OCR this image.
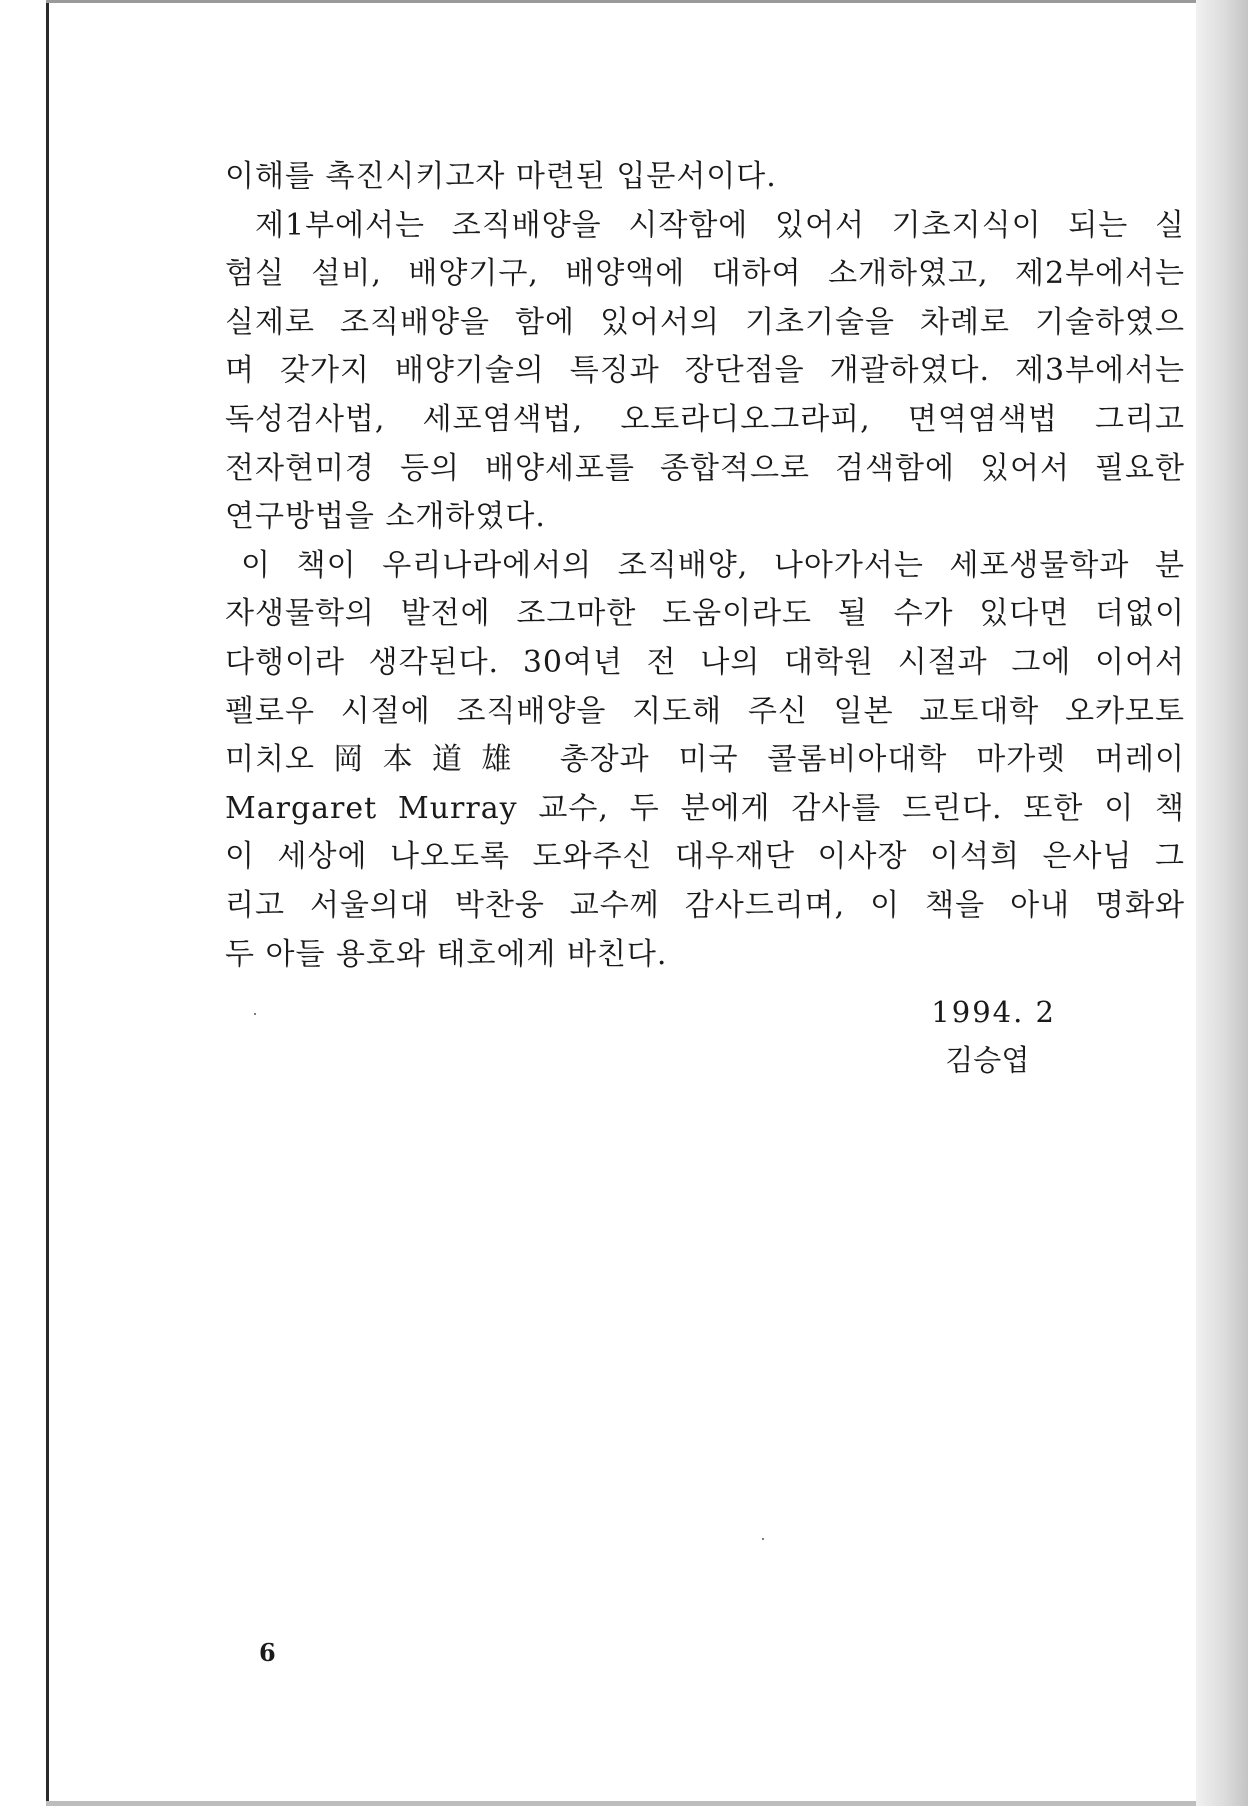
이해를 촉진시키고자 마련된 입문서이다.
제1부에서는 조직배양을 시작함에 있어서 기초지식이 되는 실
험실 설비, 배양기구, 배양액에 대하여 소개하였고, 제2부에서는
실제로 조직배양을 함에 있어서의 기초기술을 차례로 기술하였으
며 갖가지 배양기술의 특징과 장단점을 개괄하였다. 제3부에서는
독성검사법, 세포염색법, 오토라디오그라피, 면역염색법 그리고
전자현미경 등의 배양세포를 종합적으로 검색함에 있어서 필요한
연구방법을 소개하였다.
이 책이 우리나라에서의 조직배양, 나아가서는 세포생물학과 분
자생물학의 발전에 조그마한 도움이라도 될 수가 있다면 더없이
다행이라 생각된다. 30여년 전 나의 대학원 시절과 그에 이어서
펠로우 시절에 조직배양을 지도해 주신 일본 교토대학 오카모토
미치오岡本道雄 총장과 미국 콜롬비아대학 마가렛 머레이
Margaret Murray 교수, 두 분에게 감사를 드린다. 또한 이 책
이 세상에 나오도록 도와주신 대우재단 이사장 이석희 은사님 그
리고 서울의대 박찬웅 교수께 감사드리며, 이 책을 아내 명화와
두 아들 용호와 태호에게 바친다.
1994. 2
김승엽
6
